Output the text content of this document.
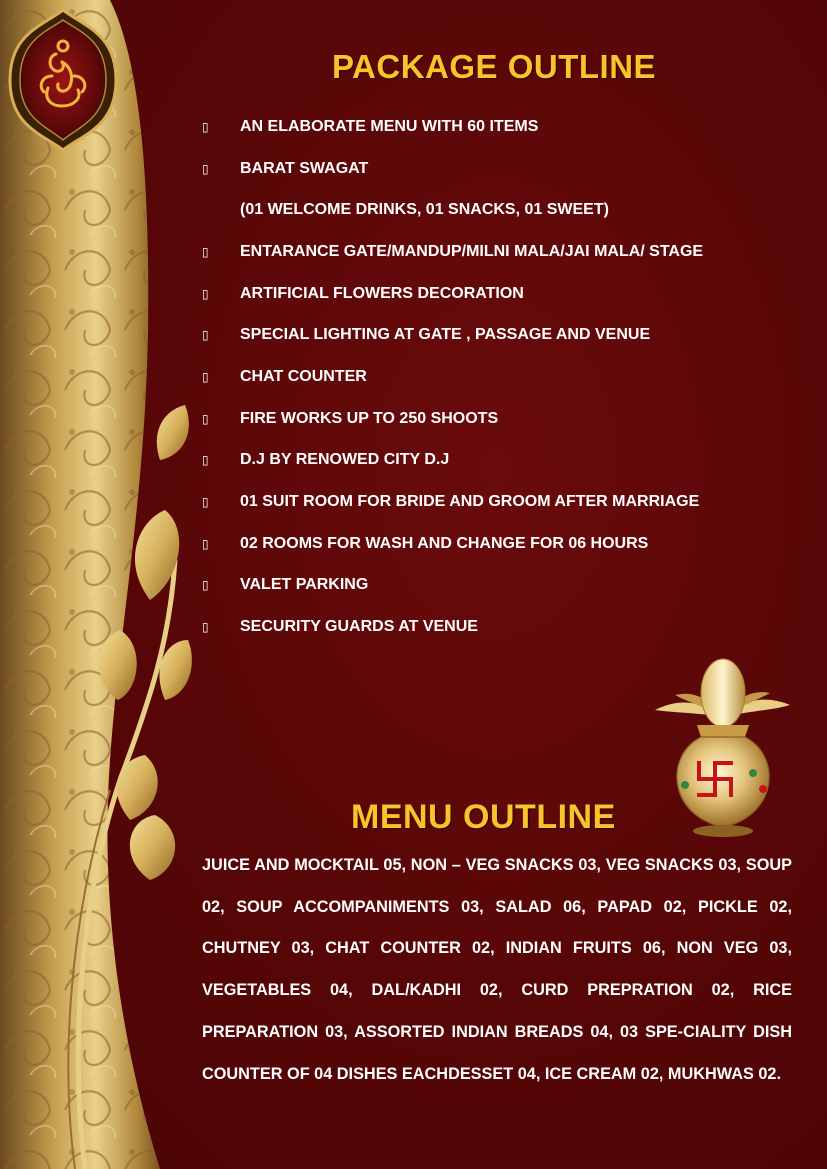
PACKAGE OUTLINE
▯	AN ELABORATE MENU WITH 60 ITEMS
▯	BARAT SWAGAT
(01 WELCOME DRINKS, 01 SNACKS, 01 SWEET)
▯	ENTARANCE GATE/MANDUP/MILNI MALA/JAI MALA/ STAGE
▯	ARTIFICIAL FLOWERS DECORATION
▯	SPECIAL LIGHTING AT GATE , PASSAGE AND VENUE
▯	CHAT COUNTER
▯	FIRE WORKS UP TO 250 SHOOTS
▯	D.J BY RENOWED CITY D.J
▯	01 SUIT ROOM FOR BRIDE AND GROOM AFTER MARRIAGE
▯	02 ROOMS FOR WASH AND CHANGE FOR 06 HOURS
▯	VALET PARKING
▯	SECURITY GUARDS AT VENUE
MENU OUTLINE

JUICE AND MOCKTAIL 05, NON – VEG SNACKS 03, VEG SNACKS 03, SOUP 02, SOUP ACCOMPANIMENTS 03, SALAD 06, PAPAD 02, PICKLE 02, CHUTNEY 03, CHAT COUNTER 02, INDIAN FRUITS 06, NON VEG 03, VEGETABLES 04, DAL/KADHI 02, CURD PREPRATION 02, RICE PREPARATION 03, ASSORTED INDIAN BREADS 04, 03 SPE-CIALITY DISH COUNTER OF 04 DISHES EACHDESSET 04, ICE CREAM 02, MUKHWAS 02.
